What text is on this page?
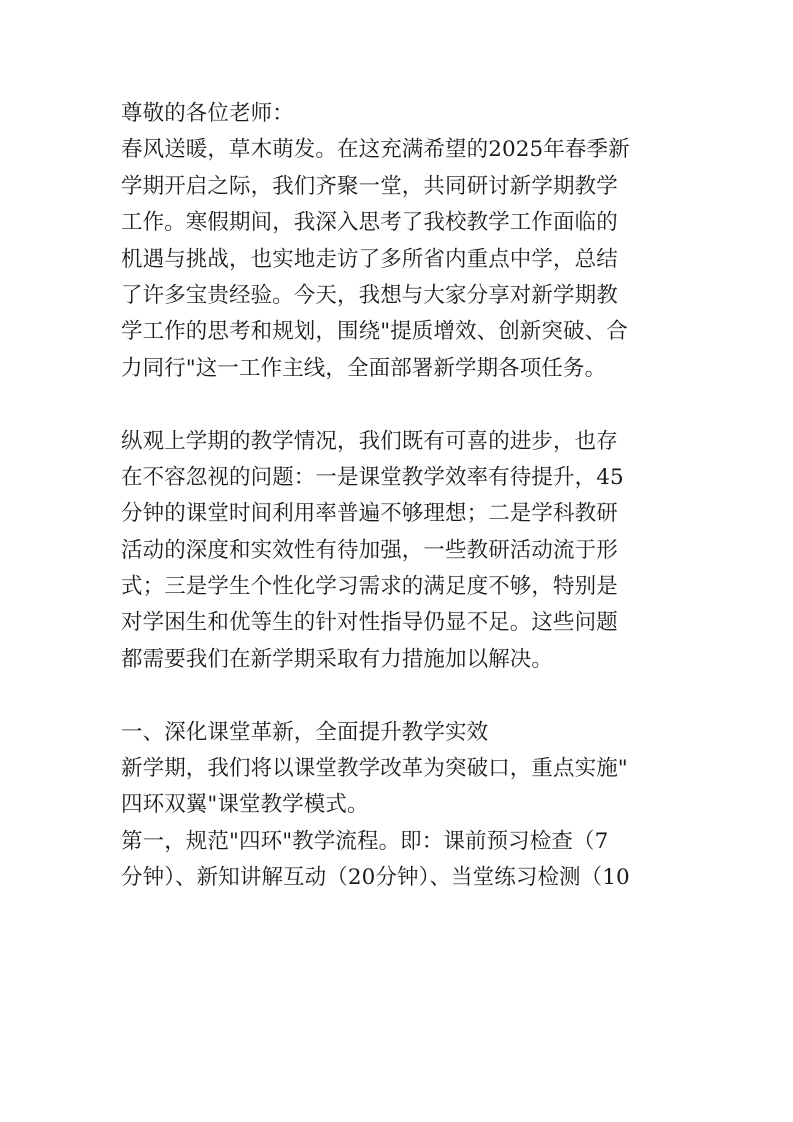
尊敬的各位老师：
春风送暖，草木萌发。在这充满希望的2025年春季新
学期开启之际，我们齐聚一堂，共同研讨新学期教学
工作。寒假期间，我深入思考了我校教学工作面临的
机遇与挑战，也实地走访了多所省内重点中学，总结
了许多宝贵经验。今天，我想与大家分享对新学期教
学工作的思考和规划，围绕"提质增效、创新突破、合
力同行"这一工作主线，全面部署新学期各项任务。
纵观上学期的教学情况，我们既有可喜的进步，也存
在不容忽视的问题：一是课堂教学效率有待提升，45
分钟的课堂时间利用率普遍不够理想；二是学科教研
活动的深度和实效性有待加强，一些教研活动流于形
式；三是学生个性化学习需求的满足度不够，特别是
对学困生和优等生的针对性指导仍显不足。这些问题
都需要我们在新学期采取有力措施加以解决。
一、深化课堂革新，全面提升教学实效
新学期，我们将以课堂教学改革为突破口，重点实施"
四环双翼"课堂教学模式。
第一，规范"四环"教学流程。即：课前预习检查（7
分钟）、新知讲解互动（20分钟）、当堂练习检测（10
